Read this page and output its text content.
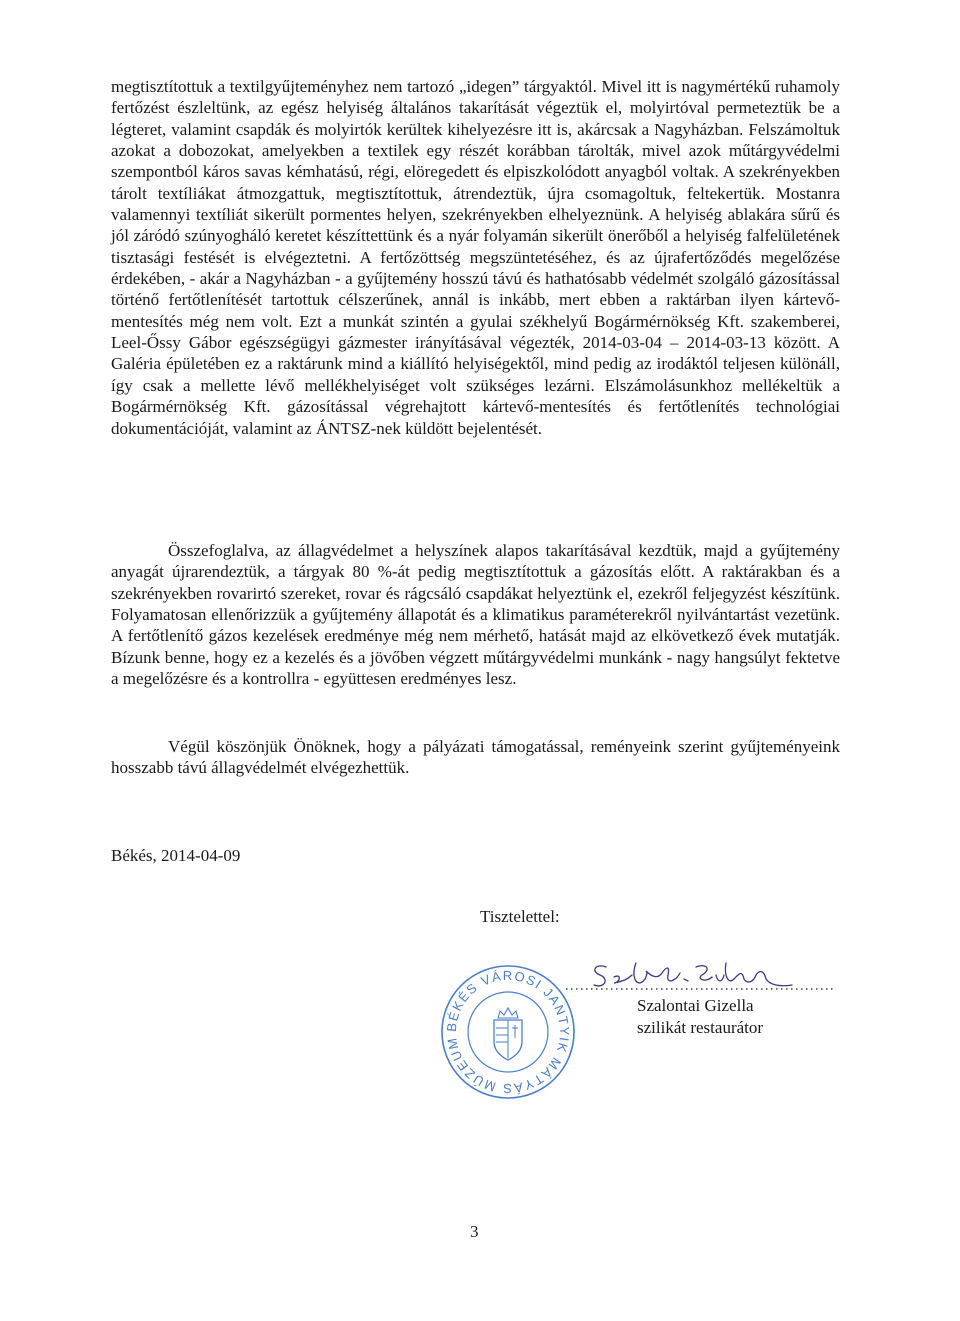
megtisztítottuk a textilgyűjteményhez nem tartozó „idegen” tárgyaktól. Mivel itt is nagymértékű ruhamoly fertőzést észleltünk, az egész helyiség általános takarítását végeztük el, molyirtóval permeteztük be a légteret, valamint csapdák és molyirtók kerültek kihelyezésre itt is, akárcsak a Nagyházban. Felszámoltuk azokat a dobozokat, amelyekben a textilek egy részét korábban tárolták, mivel azok műtárgyvédelmi szempontból káros savas kémhatású, régi, elöregedett és elpiszkolódott anyagból voltak. A szekrényekben tárolt textíliákat átmozgattuk, megtisztítottuk, átrendeztük, újra csomagoltuk, feltekertük. Mostanra valamennyi textíliát sikerült pormentes helyen, szekrényekben elhelyeznünk. A helyiség ablakára sűrű és jól záródó szúnyogháló keretet készíttettünk és a nyár folyamán sikerült önerőből a helyiség falfelületének tisztasági festését is elvégeztetni. A fertőzöttség megszüntetéséhez, és az újrafertőződés megelőzése érdekében, - akár a Nagyházban - a gyűjtemény hosszú távú és hathatósabb védelmét szolgáló gázosítással történő fertőtlenítését tartottuk célszerűnek, annál is inkább, mert ebben a raktárban ilyen kártevő-mentesítés még nem volt. Ezt a munkát szintén a gyulai székhelyű Bogármérnökség Kft. szakemberei, Leel-Őssy Gábor egészségügyi gázmester irányításával végezték, 2014-03-04 – 2014-03-13 között. A Galéria épületében ez a raktárunk mind a kiállító helyiségektől, mind pedig az irodáktól teljesen különáll, így csak a mellette lévő mellékhelyiséget volt szükséges lezárni. Elszámolásunkhoz mellékeltük a Bogármérnökség Kft. gázosítással végrehajtott kártevő-mentesítés és fertőtlenítés technológiai dokumentációját, valamint az ÁNTSZ-nek küldött bejelentését.
Összefoglalva, az állagvédelmet a helyszínek alapos takarításával kezdtük, majd a gyűjtemény anyagát újrarendeztük, a tárgyak 80 %-át pedig megtisztítottuk a gázosítás előtt. A raktárakban és a szekrényekben rovarirtó szereket, rovar és rágcsáló csapdákat helyeztünk el, ezekről feljegyzést készítünk. Folyamatosan ellenőrizzük a gyűjtemény állapotát és a klimatikus paraméterekről nyilvántartást vezetünk. A fertőtlenítő gázos kezelések eredménye még nem mérhető, hatását majd az elkövetkező évek mutatják. Bízunk benne, hogy ez a kezelés és a jövőben végzett műtárgyvédelmi munkánk - nagy hangsúlyt fektetve a megelőzésre és a kontrollra - együttesen eredményes lesz.
Végül köszönjük Önöknek, hogy a pályázati támogatással, reményeink szerint gyűjteményeink hosszabb távú állagvédelmét elvégezhettük.
Békés, 2014-04-09
Tisztelettel:
Szalontai Gizella
szilikát restaurátor
BÉKÉS VÁROSI JANTYIK MÁTYÁS MÚZEUM
3
